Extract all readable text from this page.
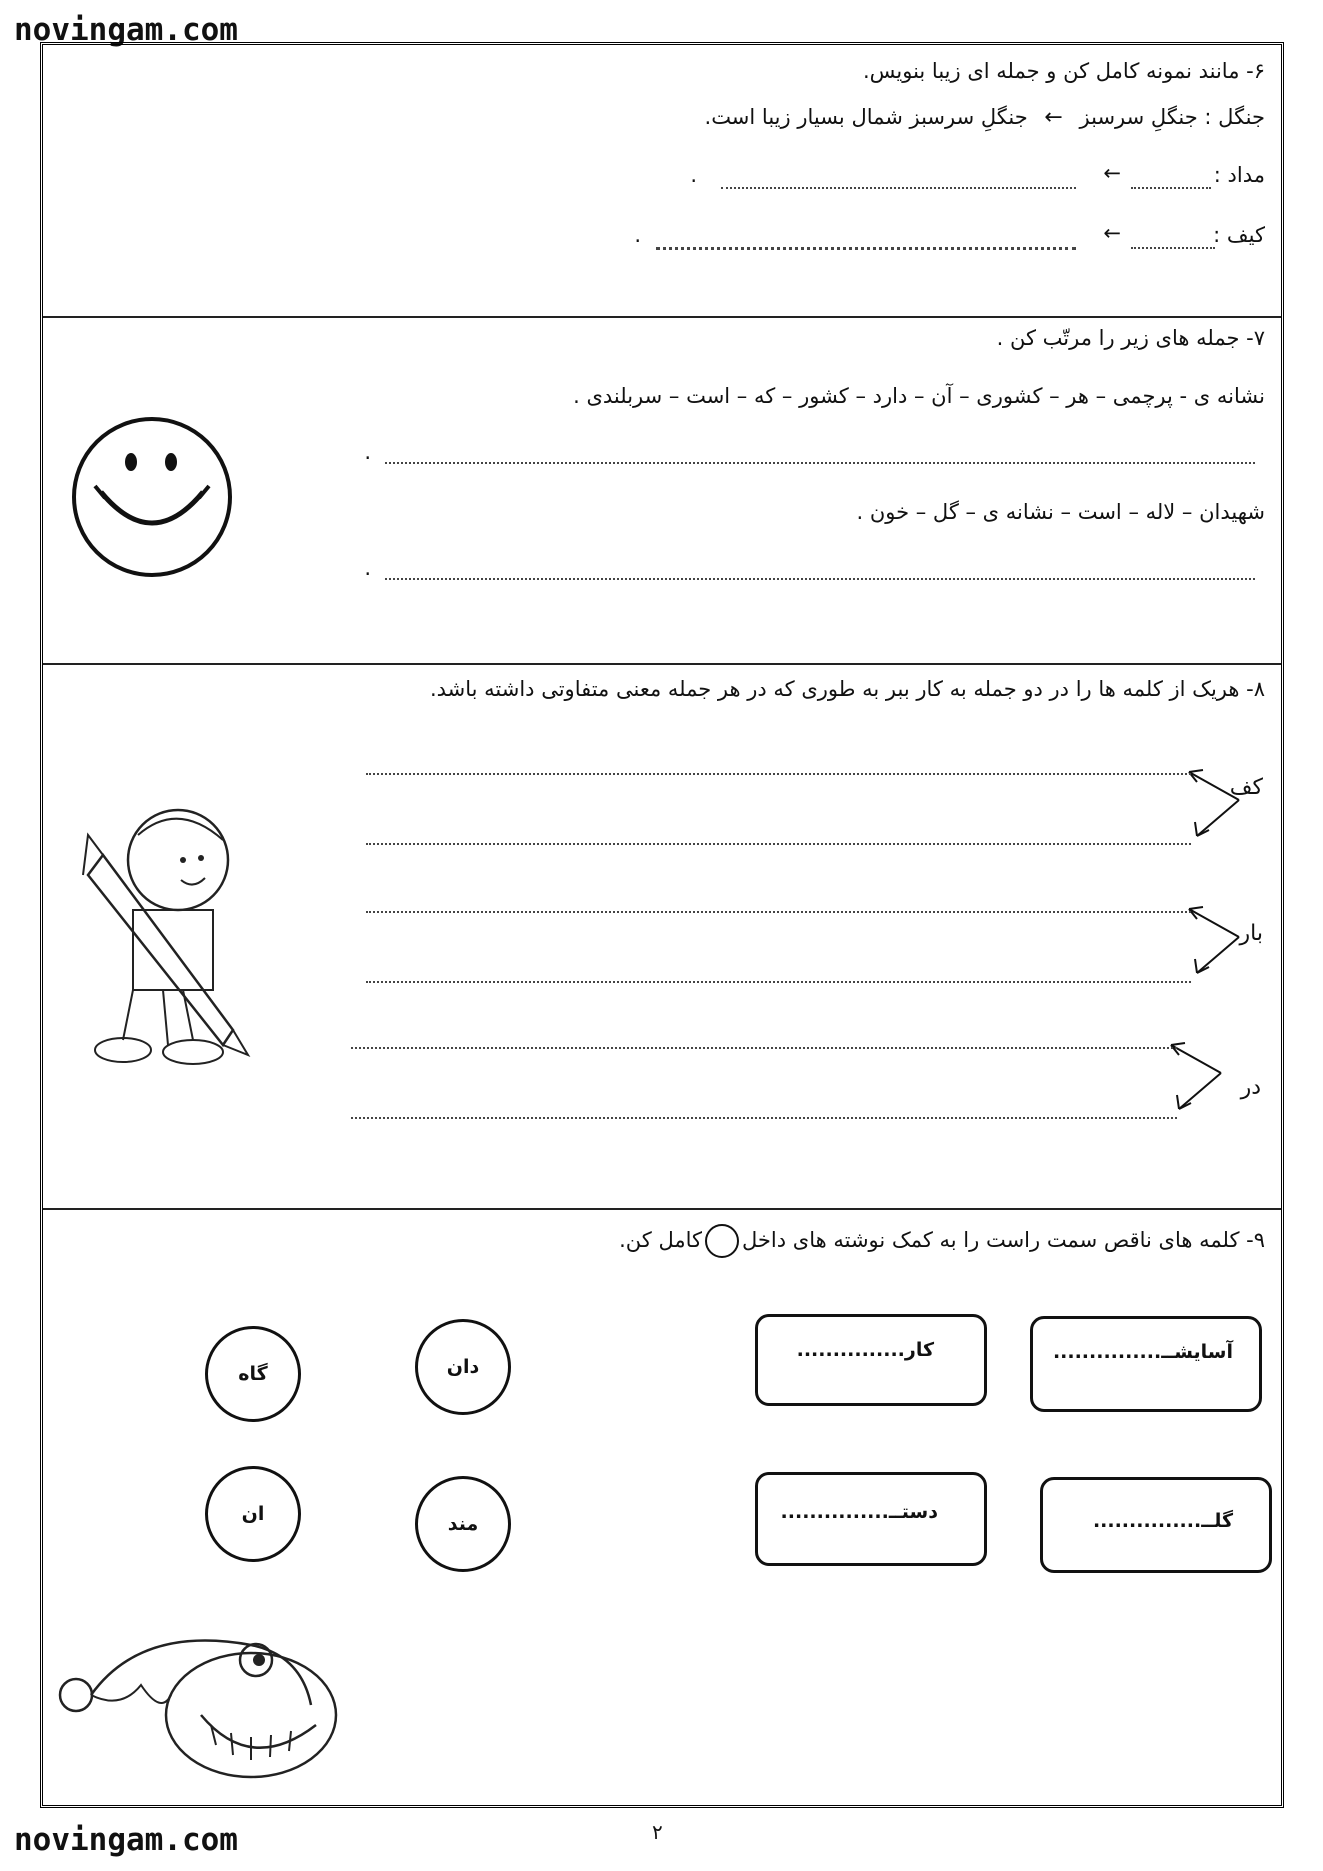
novingam.com
۶- مانند نمونه کامل کن و جمله ای زیبا بنویس.
جنگل : جنگلِ سرسبز ← جنگلِ سرسبز شمال بسیار زیبا است.
مداد :
←
.
کیف :
←
.
۷- جمله های زیر را مرتّب کن .
نشانه ی - پرچمی – هر – کشوری – آن – دارد – کشور – که – است – سربلندی .
.
شهیدان – لاله – است – نشانه ی – گل – خون .
.
۸- هریک از کلمه ها را در دو جمله به کار ببر به طوری که در هر جمله معنی متفاوتی داشته باشد.
کف
بار
در
۹- کلمه های ناقص سمت راست را به کمک نوشته های داخلکامل کن.
آسایشــ...............
کار...............
گلــ...............
دستــ...............
دان
گاه
مند
ان
novingam.com	۲
